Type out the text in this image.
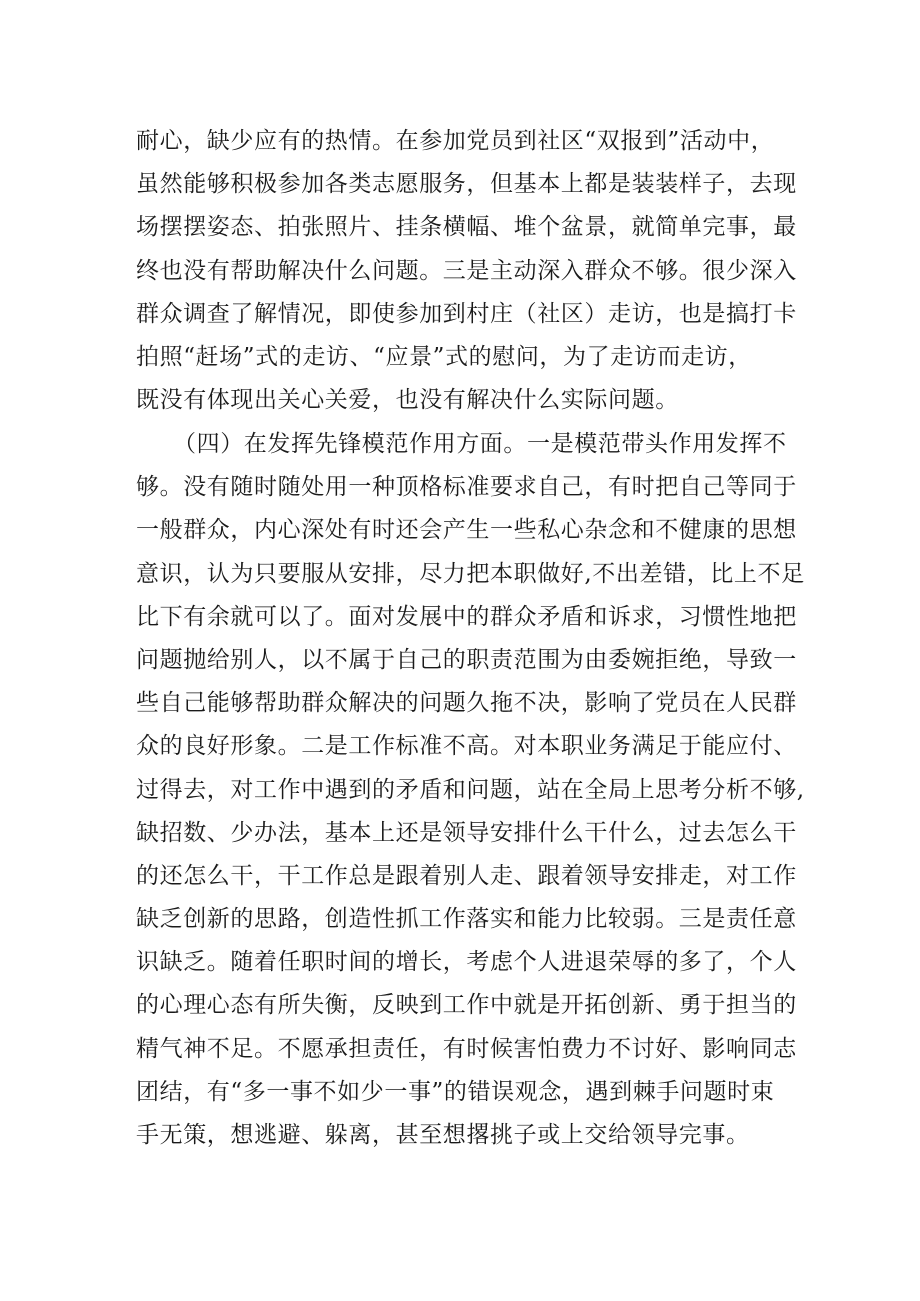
耐心，缺少应有的热情。在参加党员到社区“双报到”活动中，
虽然能够积极参加各类志愿服务，但基本上都是装装样子，去现
场摆摆姿态、拍张照片、挂条横幅、堆个盆景，就简单完事，最
终也没有帮助解决什么问题。三是主动深入群众不够。很少深入
群众调查了解情况，即使参加到村庄（社区）走访，也是搞打卡
拍照“赶场”式的走访、“应景”式的慰问，为了走访而走访，
既没有体现出关心关爱，也没有解决什么实际问题。
（四）在发挥先锋模范作用方面。一是模范带头作用发挥不
够。没有随时随处用一种顶格标准要求自己，有时把自己等同于
一般群众，内心深处有时还会产生一些私心杂念和不健康的思想
意识，认为只要服从安排，尽力把本职做好,不出差错，比上不足
比下有余就可以了。面对发展中的群众矛盾和诉求，习惯性地把
问题抛给别人，以不属于自己的职责范围为由委婉拒绝，导致一
些自己能够帮助群众解决的问题久拖不决，影响了党员在人民群
众的良好形象。二是工作标准不高。对本职业务满足于能应付、
过得去，对工作中遇到的矛盾和问题，站在全局上思考分析不够,
缺招数、少办法，基本上还是领导安排什么干什么，过去怎么干
的还怎么干，干工作总是跟着别人走、跟着领导安排走，对工作
缺乏创新的思路，创造性抓工作落实和能力比较弱。三是责任意
识缺乏。随着任职时间的增长，考虑个人进退荣辱的多了，个人
的心理心态有所失衡，反映到工作中就是开拓创新、勇于担当的
精气神不足。不愿承担责任，有时候害怕费力不讨好、影响同志
团结，有“多一事不如少一事”的错误观念，遇到棘手问题时束
手无策，想逃避、躲离，甚至想撂挑子或上交给领导完事。
